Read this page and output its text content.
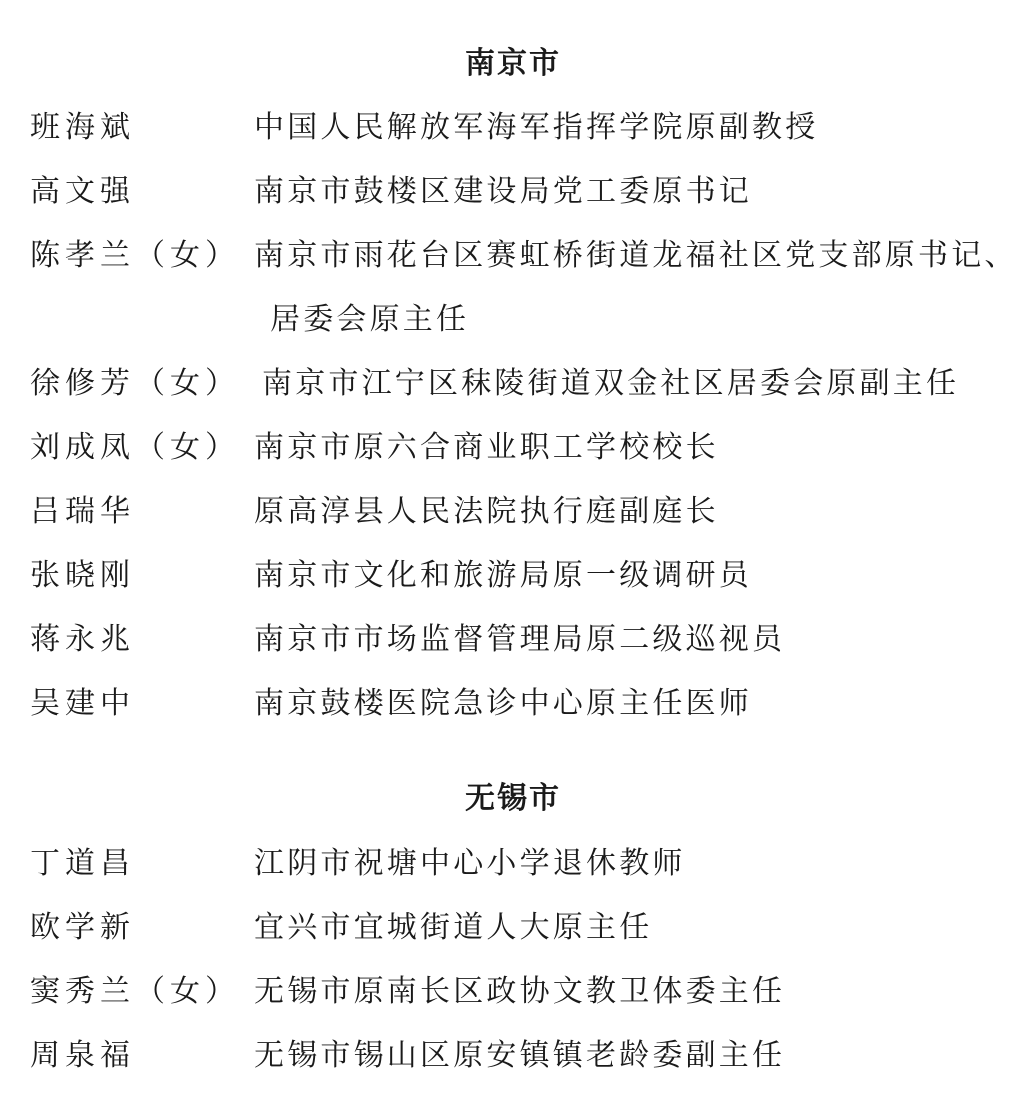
南京市
班海斌	中国人民解放军海军指挥学院原副教授
高文强	南京市鼓楼区建设局党工委原书记
陈孝兰（女） 南京市雨花台区赛虹桥街道龙福社区党支部原书记、
居委会原主任
徐修芳（女） 南京市江宁区秣陵街道双金社区居委会原副主任
刘成凤（女） 南京市原六合商业职工学校校长
吕瑞华	原高淳县人民法院执行庭副庭长
张晓刚	南京市文化和旅游局原一级调研员
蒋永兆	南京市市场监督管理局原二级巡视员
吴建中	南京鼓楼医院急诊中心原主任医师
无锡市
丁道昌	江阴市祝塘中心小学退休教师
欧学新	宜兴市宜城街道人大原主任
窦秀兰（女） 无锡市原南长区政协文教卫体委主任
周泉福	无锡市锡山区原安镇镇老龄委副主任
